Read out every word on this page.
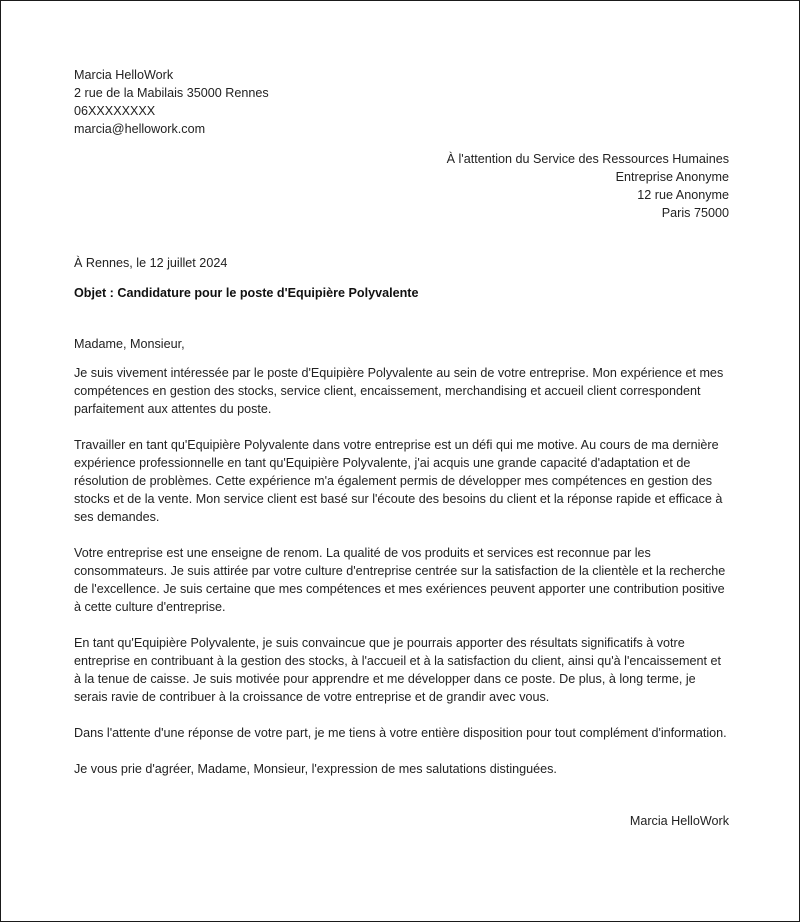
Marcia HelloWork

2 rue de la Mabilais 35000 Rennes

06XXXXXXXX

marcia@hellowork.com

À l'attention du Service des Ressources Humaines

Entreprise Anonyme

12 rue Anonyme

Paris 75000

À Rennes, le 12 juillet 2024

Objet : Candidature pour le poste d'Equipière Polyvalente

Madame, Monsieur,

Je suis vivement intéressée par le poste d'Equipière Polyvalente au sein de votre entreprise. Mon expérience et mes compétences en gestion des stocks, service client, encaissement, merchandising et accueil client correspondent parfaitement aux attentes du poste.

Travailler en tant qu'Equipière Polyvalente dans votre entreprise est un défi qui me motive. Au cours de ma dernière expérience professionnelle en tant qu'Equipière Polyvalente, j'ai acquis une grande capacité d'adaptation et de résolution de problèmes. Cette expérience m'a également permis de développer mes compétences en gestion des stocks et de la vente. Mon service client est basé sur l'écoute des besoins du client et la réponse rapide et efficace à ses demandes.

Votre entreprise est une enseigne de renom. La qualité de vos produits et services est reconnue par les consommateurs. Je suis attirée par votre culture d'entreprise centrée sur la satisfaction de la clientèle et la recherche de l'excellence. Je suis certaine que mes compétences et mes exériences peuvent apporter une contribution positive à cette culture d'entreprise.

En tant qu'Equipière Polyvalente, je suis convaincue que je pourrais apporter des résultats significatifs à votre entreprise en contribuant à la gestion des stocks, à l'accueil et à la satisfaction du client, ainsi qu'à l'encaissement et à la tenue de caisse. Je suis motivée pour apprendre et me développer dans ce poste. De plus, à long terme, je serais ravie de contribuer à la croissance de votre entreprise et de grandir avec vous.

Dans l'attente d'une réponse de votre part, je me tiens à votre entière disposition pour tout complément d'information.

Je vous prie d'agréer, Madame, Monsieur, l'expression de mes salutations distinguées.

Marcia HelloWork
